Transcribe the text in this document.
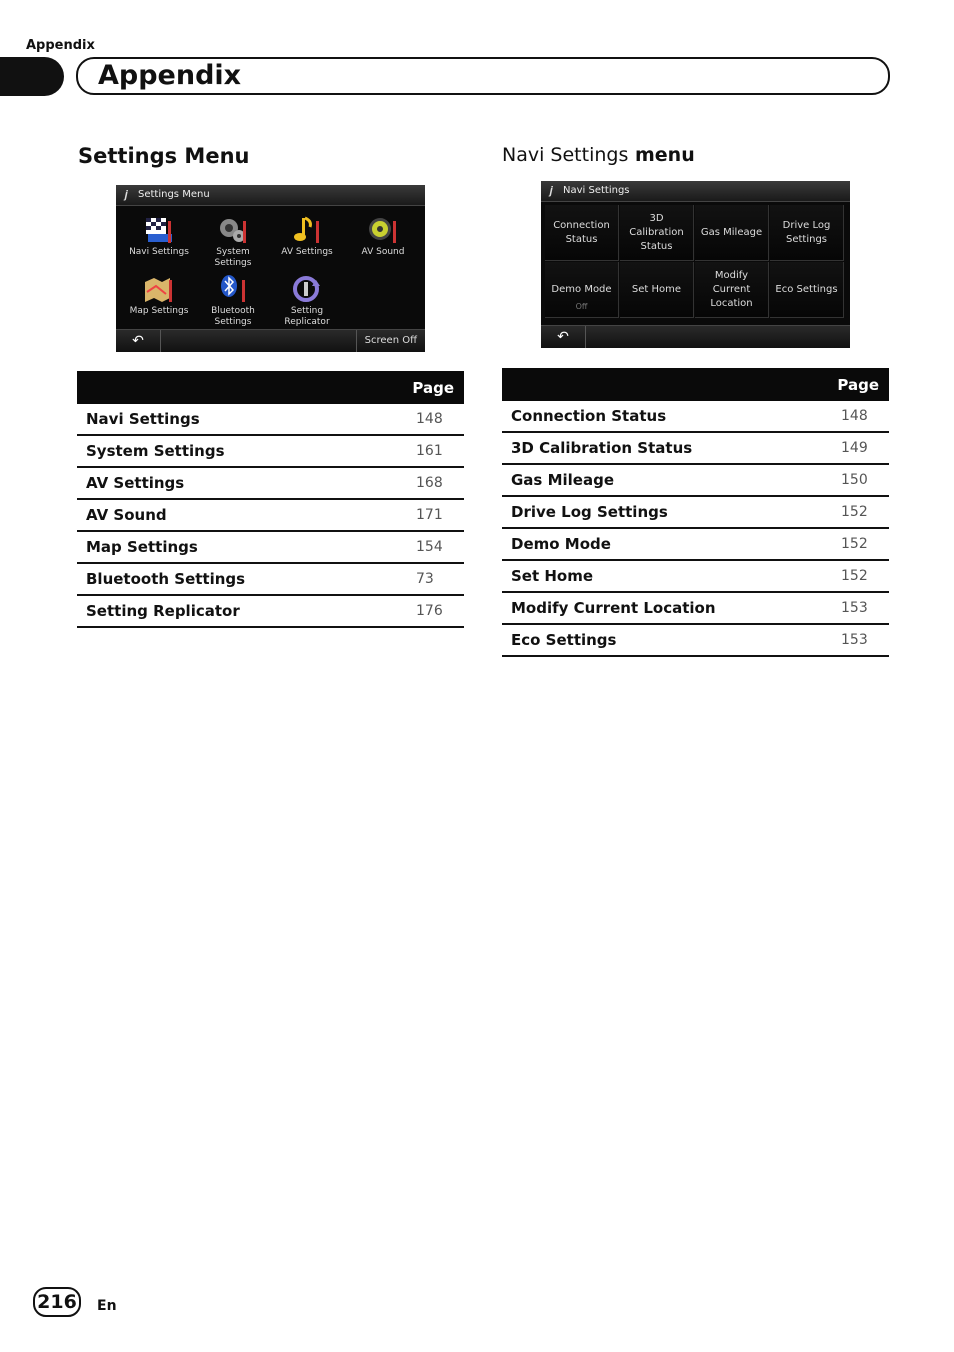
Appendix
Appendix
Settings Menu
𝒋 Settings Menu
Navi Settings	System
Settings
AV Settings	AV Sound
Map Settings	Bluetooth
Settings
Setting
Replicator
↶	Screen Off
Page
Navi Settings	148
System Settings	161
AV Settings	168
AV Sound	171
Map Settings	154
Bluetooth Settings	73
Setting Replicator	176
Navi Settings menu
𝒋 Navi Settings
Connection
Status
3D
Calibration
Status
Gas Mileage
Drive Log
Settings
Demo Mode
Off
Set Home
Modify
Current
Location
Eco Settings
↶
Page
Connection Status	148
3D Calibration Status	149
Gas Mileage	150
Drive Log Settings	152
Demo Mode	152
Set Home	152
Modify Current Location	153
Eco Settings	153
216 En
